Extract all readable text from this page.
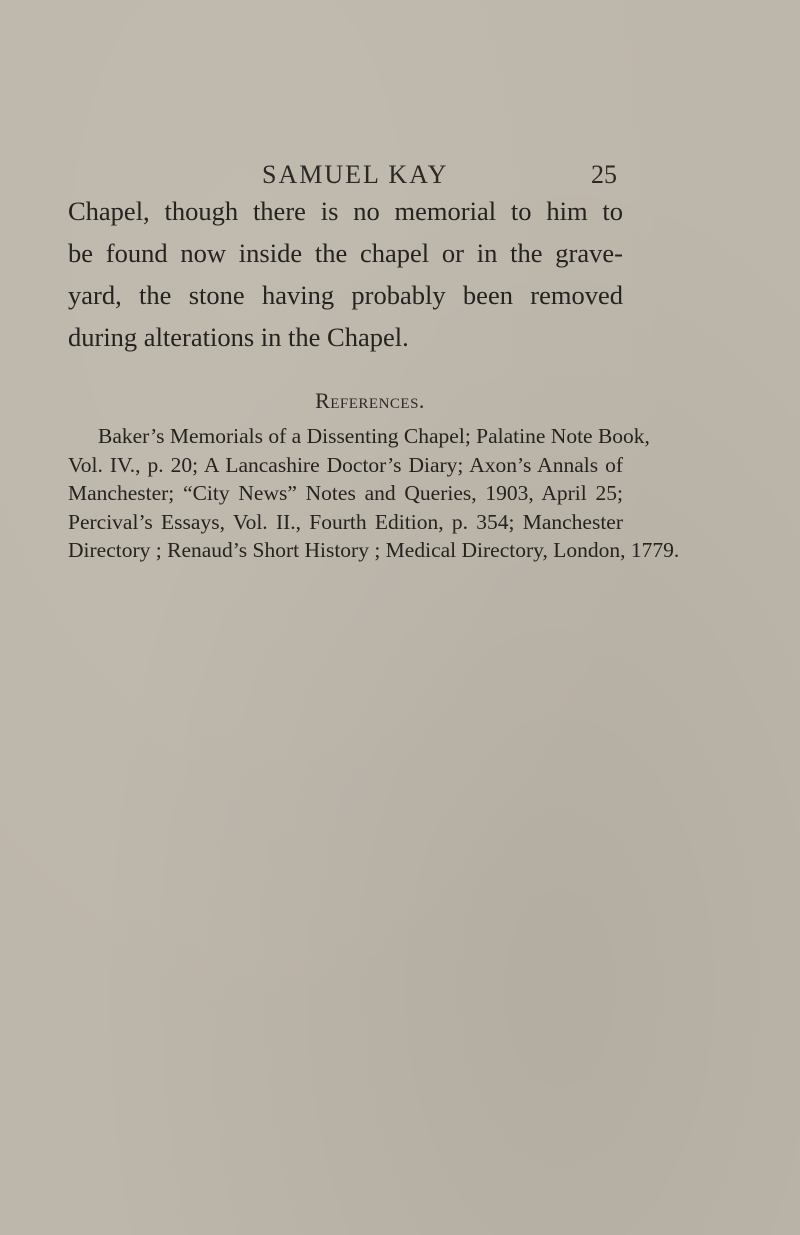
SAMUEL KAY	25
Chapel, though there is no memorial to him to
be found now inside the chapel or in the grave-
yard, the stone having probably been removed
during alterations in the Chapel.
References.
Baker’s Memorials of a Dissenting Chapel; Palatine Note Book,
Vol. IV., p. 20; A Lancashire Doctor’s Diary; Axon’s Annals of
Manchester; “City News” Notes and Queries, 1903, April 25;
Percival’s Essays, Vol. II., Fourth Edition, p. 354; Manchester
Directory ; Renaud’s Short History ; Medical Directory, London, 1779.
